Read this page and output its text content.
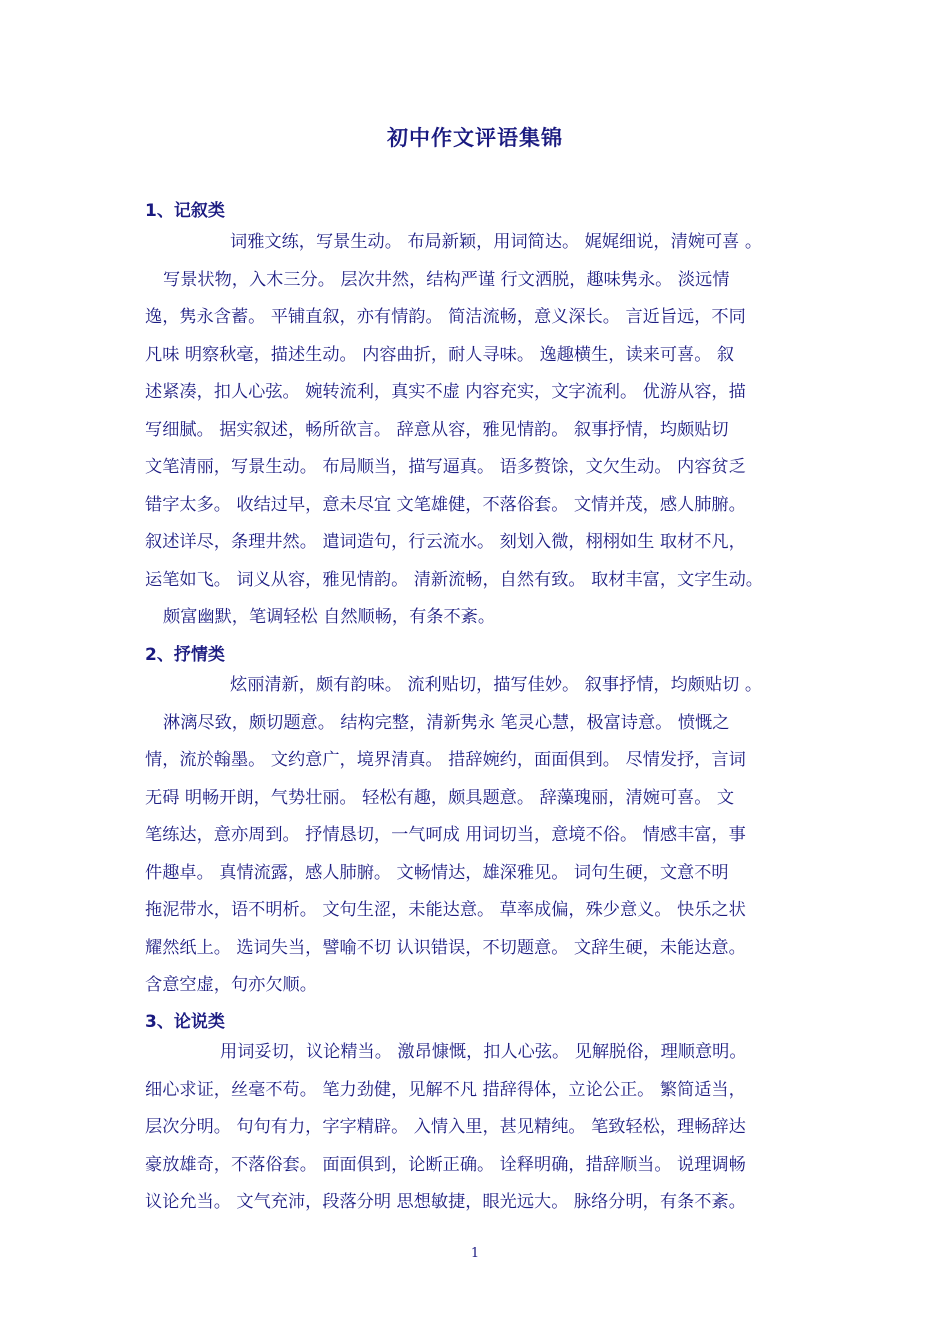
初中作文评语集锦
1、记叙类
词雅文练，写景生动。 布局新颖，用词简达。 娓娓细说，清婉可喜 。
写景状物，入木三分。 层次井然，结构严谨 行文洒脱，趣味隽永。 淡远情
逸，隽永含蓄。 平铺直叙，亦有情韵。 简洁流畅，意义深长。 言近旨远，不同
凡味 明察秋毫，描述生动。 内容曲折，耐人寻味。 逸趣横生，读来可喜。 叙
述紧凑，扣人心弦。 婉转流利，真实不虚 内容充实，文字流利。 优游从容，描
写细腻。 据实叙述，畅所欲言。 辞意从容，雅见情韵。 叙事抒情，均颇贴切
文笔清丽，写景生动。 布局顺当，描写逼真。 语多赘馀，文欠生动。 内容贫乏
错字太多。 收结过早，意未尽宜 文笔雄健，不落俗套。 文情并茂，感人肺腑。
叙述详尽，条理井然。 遣词造句，行云流水。 刻划入微，栩栩如生 取材不凡，
运笔如飞。 词义从容，雅见情韵。 清新流畅，自然有致。 取材丰富，文字生动。
颇富幽默，笔调轻松 自然顺畅，有条不紊。
2、抒情类
炫丽清新，颇有韵味。 流利贴切，描写佳妙。 叙事抒情，均颇贴切 。
淋漓尽致，颇切题意。 结构完整，清新隽永 笔灵心慧，极富诗意。 愤慨之
情，流於翰墨。 文约意广，境界清真。 措辞婉约，面面俱到。 尽情发抒，言词
无碍 明畅开朗，气势壮丽。 轻松有趣，颇具题意。 辞藻瑰丽，清婉可喜。 文
笔练达，意亦周到。 抒情恳切，一气呵成 用词切当，意境不俗。 情感丰富，事
件趣卓。 真情流露，感人肺腑。 文畅情达，雄深雅见。 词句生硬，文意不明
拖泥带水，语不明析。 文句生涩，未能达意。 草率成偏，殊少意义。 快乐之状
耀然纸上。 选词失当，譬喻不切 认识错误，不切题意。 文辞生硬，未能达意。
含意空虚，句亦欠顺。
3、论说类
用词妥切，议论精当。 激昂慷慨，扣人心弦。 见解脱俗，理顺意明。
细心求证，丝毫不苟。 笔力劲健，见解不凡 措辞得体，立论公正。 繁简适当，
层次分明。 句句有力，字字精辟。 入情入里，甚见精纯。 笔致轻松，理畅辞达
豪放雄奇，不落俗套。 面面俱到，论断正确。 诠释明确，措辞顺当。 说理调畅
议论允当。 文气充沛，段落分明 思想敏捷，眼光远大。 脉络分明，有条不紊。
1
